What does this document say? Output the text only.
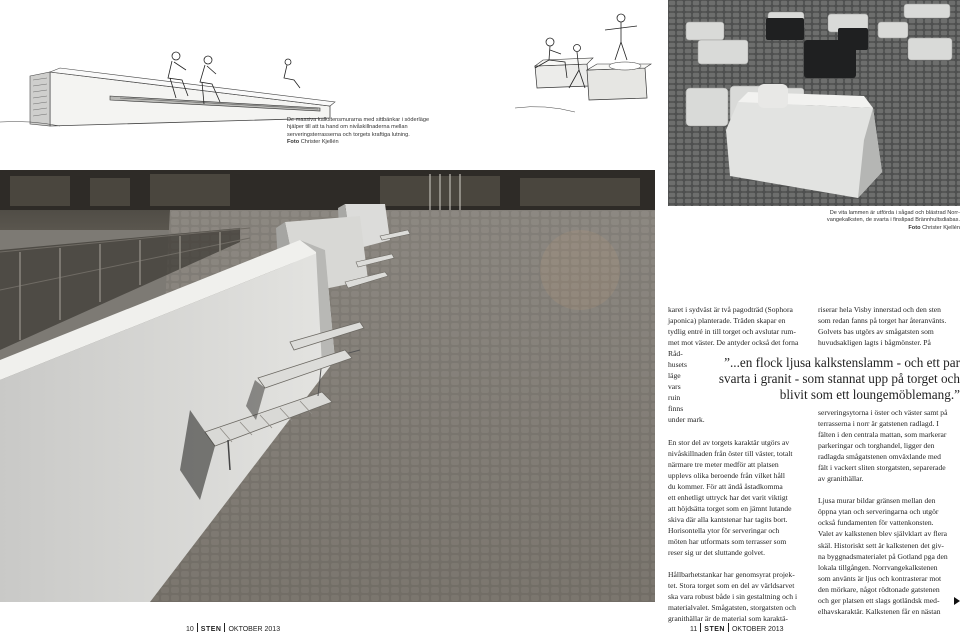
De massiva kalkstensmurarna med sittbänkar i söderläge
hjälper till att ta hand om nivåskillnaderna mellan
serveringsterrasserna och torgets kraftiga lutning.
Foto Christer Kjellén
De vita lammen är utförda i sågad och blästrad Norr-
vangekalksten, de svarta i finslipad Brännhultsdiabas.
Foto Christer Kjellén
karet i sydväst är två pagodträd (Sophora
japonica) planterade. Träden skapar en
tydlig entré in till torget och avslutar rum-
met mot väster. De antyder också det forna
Råd-
husets
läge
vars
ruin
finns
under mark.
En stor del av torgets karaktär utgörs av
nivåskillnaden från öster till väster, totalt
närmare tre meter medför att platsen
upplevs olika beroende från vilket håll
du kommer. För att ändå åstadkomma
ett enhetligt uttryck har det varit viktigt
att höjdsätta torget som en jämnt lutande
skiva där alla kantstenar har tagits bort.
Horisontella ytor för serveringar och
möten har utformats som terrasser som
reser sig ur det sluttande golvet.
Hållbarhetstankar har genomsyrat projek-
tet. Stora torget som en del av världsarvet
ska vara robust både i sin gestaltning och i
materialvalet. Smågatsten, storgatsten och
granithällar är de material som karaktä-
riserar hela Visby innerstad och den sten
som redan fanns på torget har återanvänts.
Golvets bas utgörs av smågatsten som
huvudsakligen lagts i bågmönster. På
serveringsytorna i öster och väster samt på
terrasserna i norr är gatstenen radlagd. I
fälten i den centrala mattan, som markerar
parkeringar och torghandel, ligger den
radlagda smågatstenen omväxlande med
fält i vackert sliten storgatsten, separerade
av granithällar.
Ljusa murar bildar gränsen mellan den
öppna ytan och serveringarna och utgör
också fundamenten för vattenkonsten.
Valet av kalkstenen blev självklart av flera
skäl. Historiskt sett är kalkstenen det giv-
na byggnadsmaterialet på Gotland pga den
lokala tillgången. Norrvangekalkstenen
som använts är ljus och kontrasterar mot
den mörkare, något rödtonade gatstenen
och ger platsen ett slags gotländsk med-
elhavskaraktär. Kalkstenen får en nästan
”...en flock ljusa kalkstenslamm - och ett par
svarta i granit - som stannat upp på torget och
blivit som ett loungemöblemang.”
10 STEN OKTOBER 2013	11 STEN OKTOBER 2013
